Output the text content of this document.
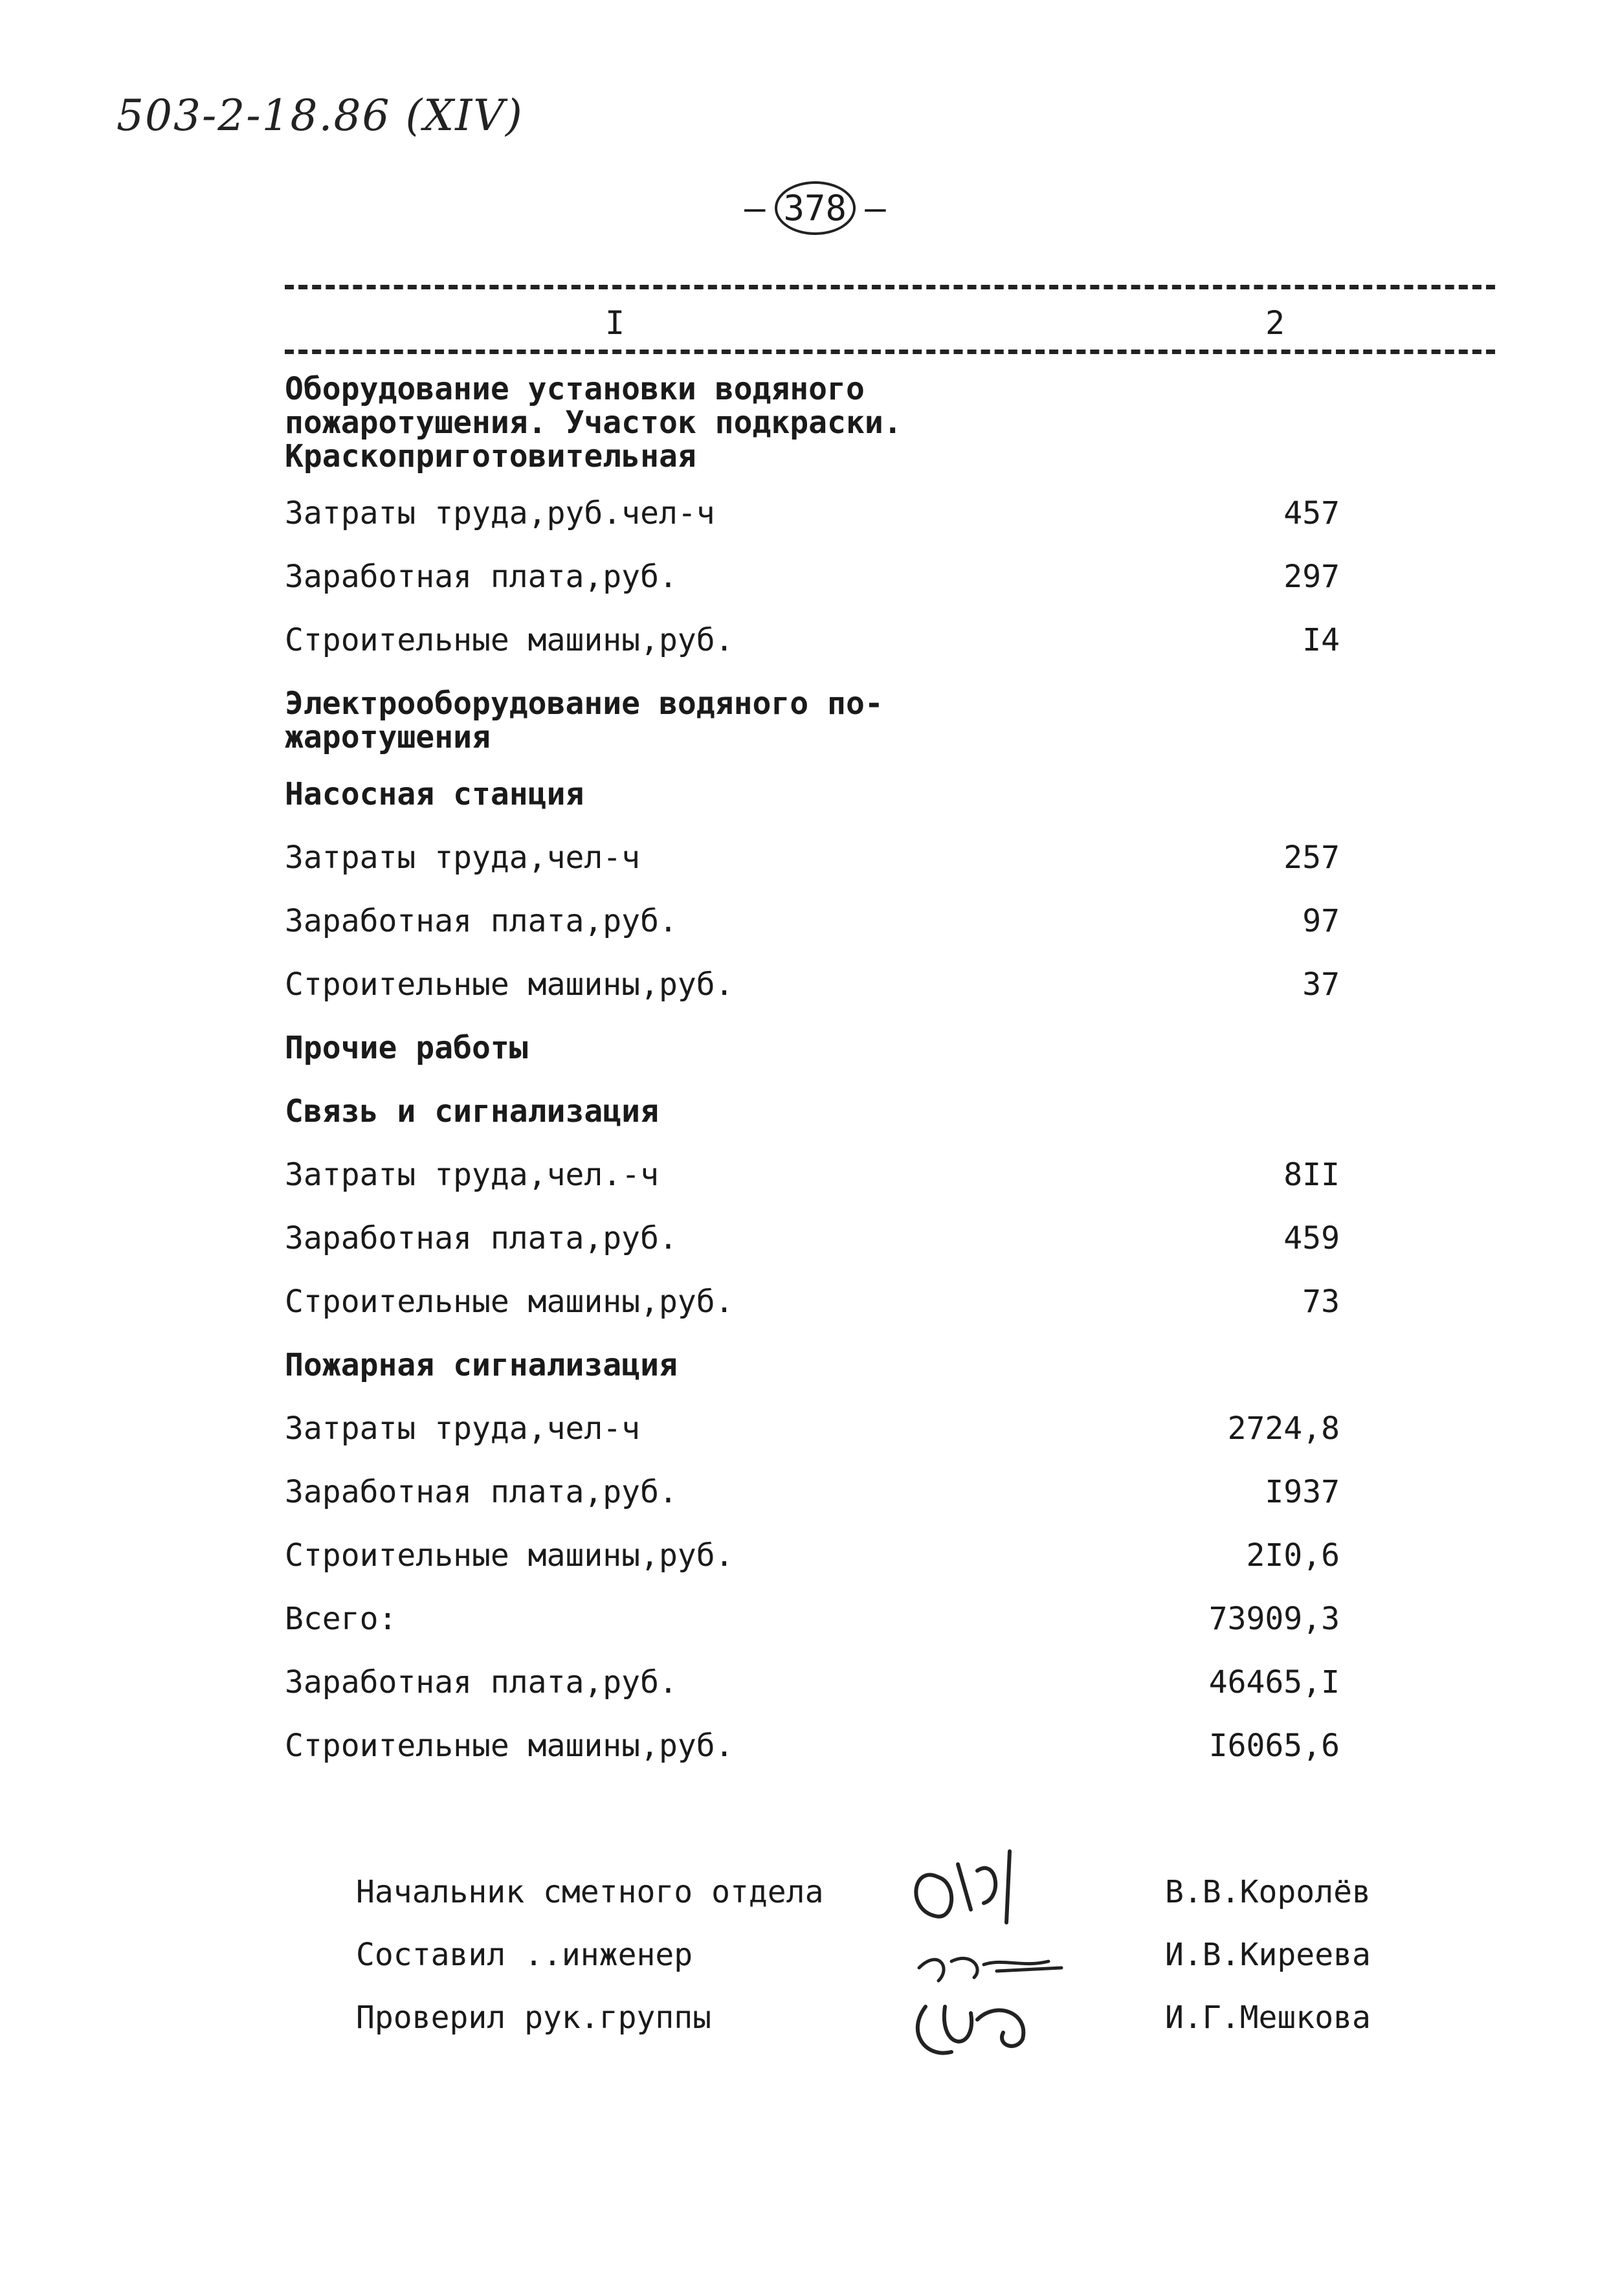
503-2-18.86 (XIV)
– 378 –
I	2
Оборудование установки водяного
пожаротушения. Участок подкраски.
Краскоприготовительная
Затраты труда,руб.чел-ч	457
Заработная плата,руб.	297
Строительные машины,руб.	I4
Электрооборудование водяного по-
жаротушения
Насосная станция
Затраты труда,чел-ч	257
Заработная плата,руб.	97
Строительные машины,руб.	37
Прочие работы
Связь и сигнализация
Затраты труда,чел.-ч	8II
Заработная плата,руб.	459
Строительные машины,руб.	73
Пожарная сигнализация
Затраты труда,чел-ч	2724,8
Заработная плата,руб.	I937
Строительные машины,руб.	2I0,6
Всего:	73909,3
Заработная плата,руб.	46465,I
Строительные машины,руб.	I6065,6
Начальник сметного отдела	В.В.Королёв
Составил ..инженер	И.В.Киреева
Проверил рук.группы	И.Г.Мешкова
